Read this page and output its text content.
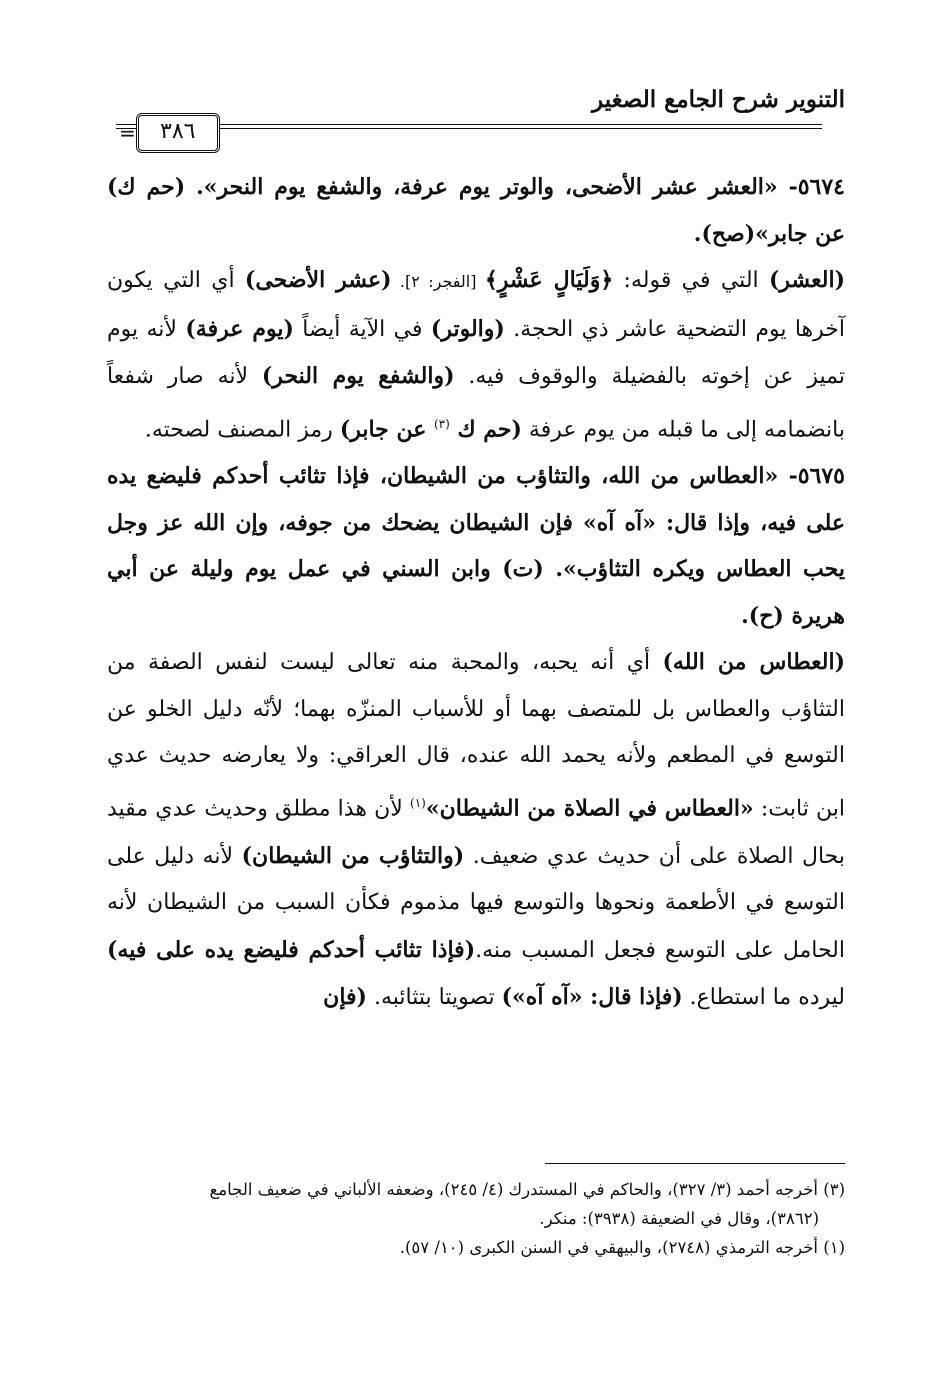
التنوير شرح الجامع الصغير
=	٣٨٦

٥٦٧٤- «العشر عشر الأضحى، والوتر يوم عرفة، والشفع يوم النحر». (حم ك) عن جابر»(صح).

(العشر) التي في قوله: ﴿وَلَيَالٍ عَشْرٍ﴾ [الفجر: ٢]. (عشر الأضحى) أي التي يكون آخرها يوم التضحية عاشر ذي الحجة. (والوتر) في الآية أيضاً (يوم عرفة) لأنه يوم تميز عن إخوته بالفضيلة والوقوف فيه. (والشفع يوم النحر) لأنه صار شفعاً بانضمامه إلى ما قبله من يوم عرفة (حم ك $^{(٣)}$ عن جابر) رمز المصنف لصحته.

٥٦٧٥- «العطاس من الله، والتثاؤب من الشيطان، فإذا تثائب أحدكم فليضع يده على فيه، وإذا قال: «آه آه» فإن الشيطان يضحك من جوفه، وإن الله عز وجل يحب العطاس ويكره التثاؤب». (ت) وابن السني في عمل يوم وليلة عن أبي هريرة (ح).

(العطاس من الله) أي أنه يحبه، والمحبة منه تعالى ليست لنفس الصفة من التثاؤب والعطاس بل للمتصف بهما أو للأسباب المنزّه بهما؛ لأنّه دليل الخلو عن التوسع في المطعم ولأنه يحمد الله عنده، قال العراقي: ولا يعارضه حديث عدي ابن ثابت: «العطاس في الصلاة من الشيطان»$^{(١)}$ لأن هذا مطلق وحديث عدي مقيد بحال الصلاة على أن حديث عدي ضعيف. (والتثاؤب من الشيطان) لأنه دليل على التوسع في الأطعمة ونحوها والتوسع فيها مذموم فكأن السبب من الشيطان لأنه الحامل على التوسع فجعل المسبب منه.(فإذا تثائب أحدكم فليضع يده على فيه) ليرده ما استطاع. (فإذا قال: «آه آه») تصويتا بتثائبه. (فإن

(٣) أخرجه أحمد (٣/ ٣٢٧)، والحاكم في المستدرك (٤/ ٢٤٥)، وضعفه الألباني في ضعيف الجامع

(٣٨٦٢)، وقال في الضعيفة (٣٩٣٨): منكر.

(١) أخرجه الترمذي (٢٧٤٨)، والبيهقي في السنن الكبرى (١٠/ ٥٧).
